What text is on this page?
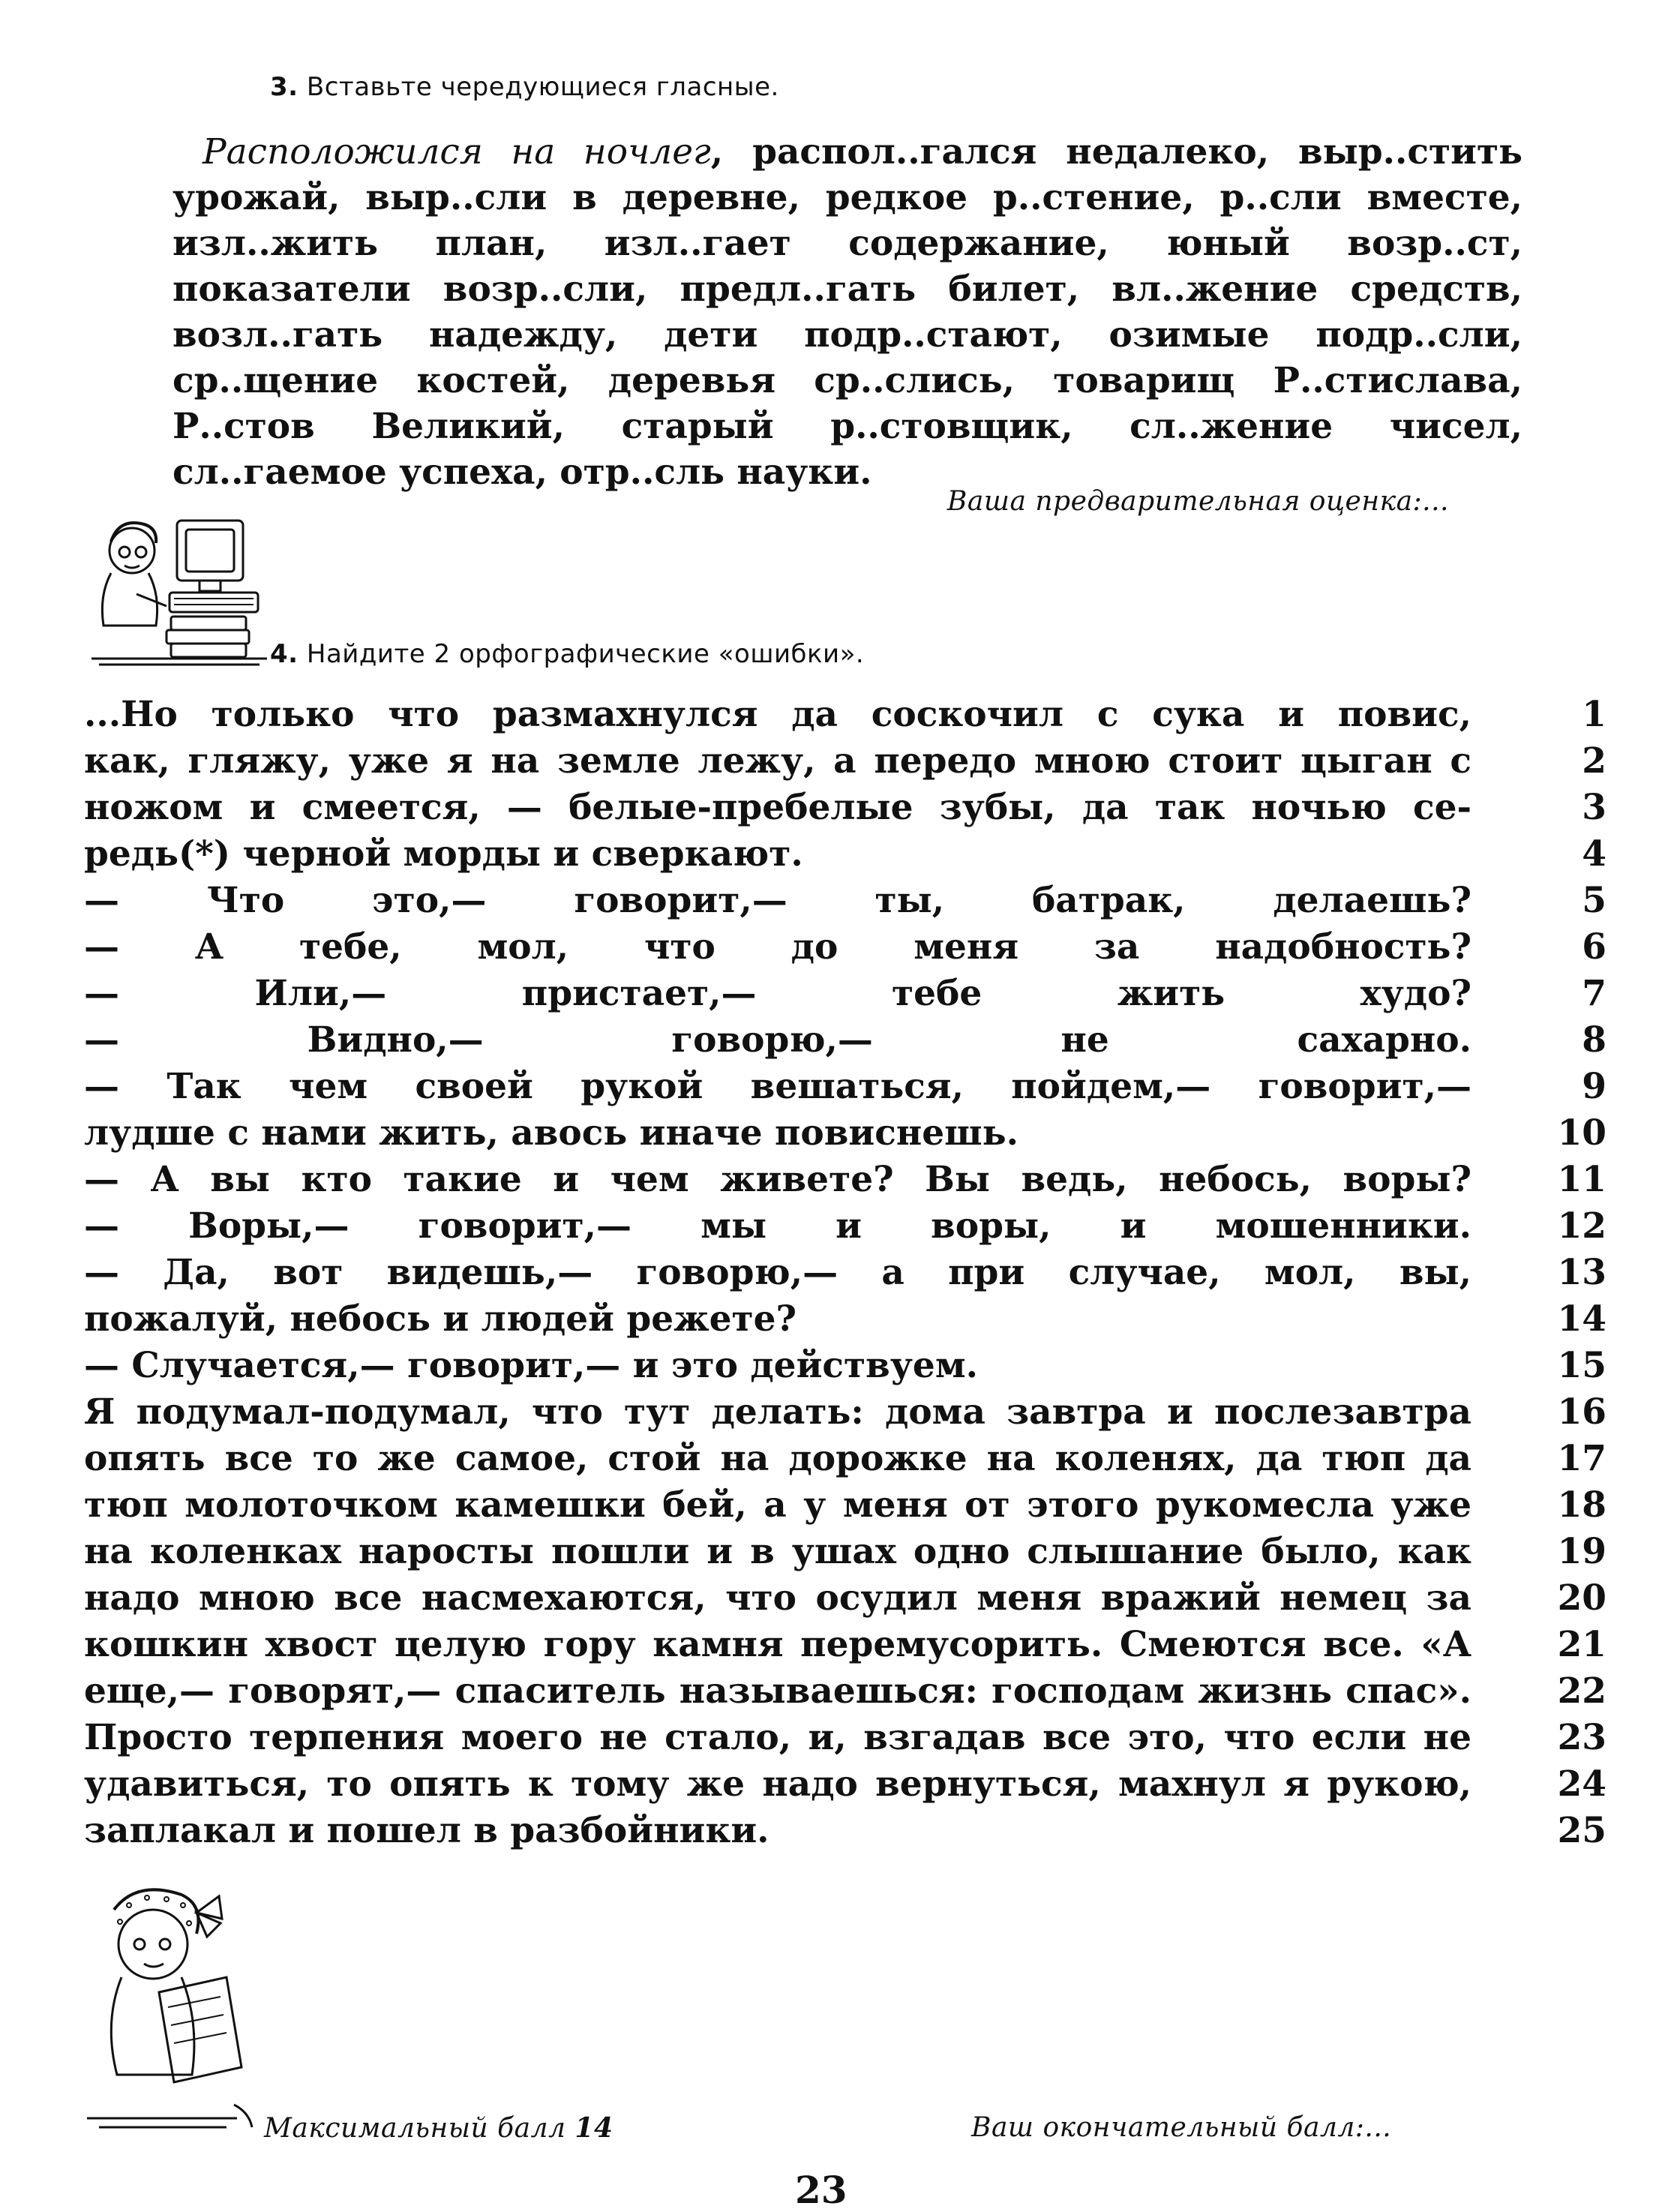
3. Вставьте чередующиеся гласные.
Расположился на ночлег, распол..гался недалеко, выр..стить урожай, выр..сли в деревне, редкое р..стение, р..сли вместе, изл..жить план, изл..гает содержание, юный возр..ст, показатели возр..сли, предл..гать билет, вл..жение средств, возл..гать надежду, дети подр..стают, озимые подр..сли, ср..щение костей, деревья ср..слись, товарищ Р..стислава, Р..стов Великий, старый р..стовщик, сл..жение чисел, сл..гаемое успеха, отр..сль науки.
Ваша предварительная оценка:...
4. Найдите 2 орфографические «ошибки».
...Но только что размахнулся да соскочил с сука и повис,	1
как, гляжу, уже я на земле лежу, а передо мною стоит цыган с	2
ножом и смеется, — белые-пребелые зубы, да так ночью се-	3
редь(*) черной морды и сверкают.	4
— Что это,— говорит,— ты, батрак, делаешь?	5
— А тебе, мол, что до меня за надобность?	6
— Или,— пристает,— тебе жить худо?	7
— Видно,— говорю,— не сахарно.	8
— Так чем своей рукой вешаться, пойдем,— говорит,—	9
лудше с нами жить, авось иначе повиснешь.	10
— А вы кто такие и чем живете? Вы ведь, небось, воры?	11
— Воры,— говорит,— мы и воры, и мошенники.	12
— Да, вот видешь,— говорю,— а при случае, мол, вы,	13
пожалуй, небось и людей режете?	14
— Случается,— говорит,— и это действуем.	15
Я подумал-подумал, что тут делать: дома завтра и послезавтра	16
опять все то же самое, стой на дорожке на коленях, да тюп да	17
тюп молоточком камешки бей, а у меня от этого рукомесла уже	18
на коленках наросты пошли и в ушах одно слышание было, как	19
надо мною все насмехаются, что осудил меня вражий немец за	20
кошкин хвост целую гору камня перемусорить. Смеются все. «А	21
еще,— говорят,— спаситель называешься: господам жизнь спас».	22
Просто терпения моего не стало, и, взгадав все это, что если не	23
удавиться, то опять к тому же надо вернуться, махнул я рукою,	24
заплакал и пошел в разбойники.	25
Максимальный балл 14	Ваш окончательный балл:...
23
